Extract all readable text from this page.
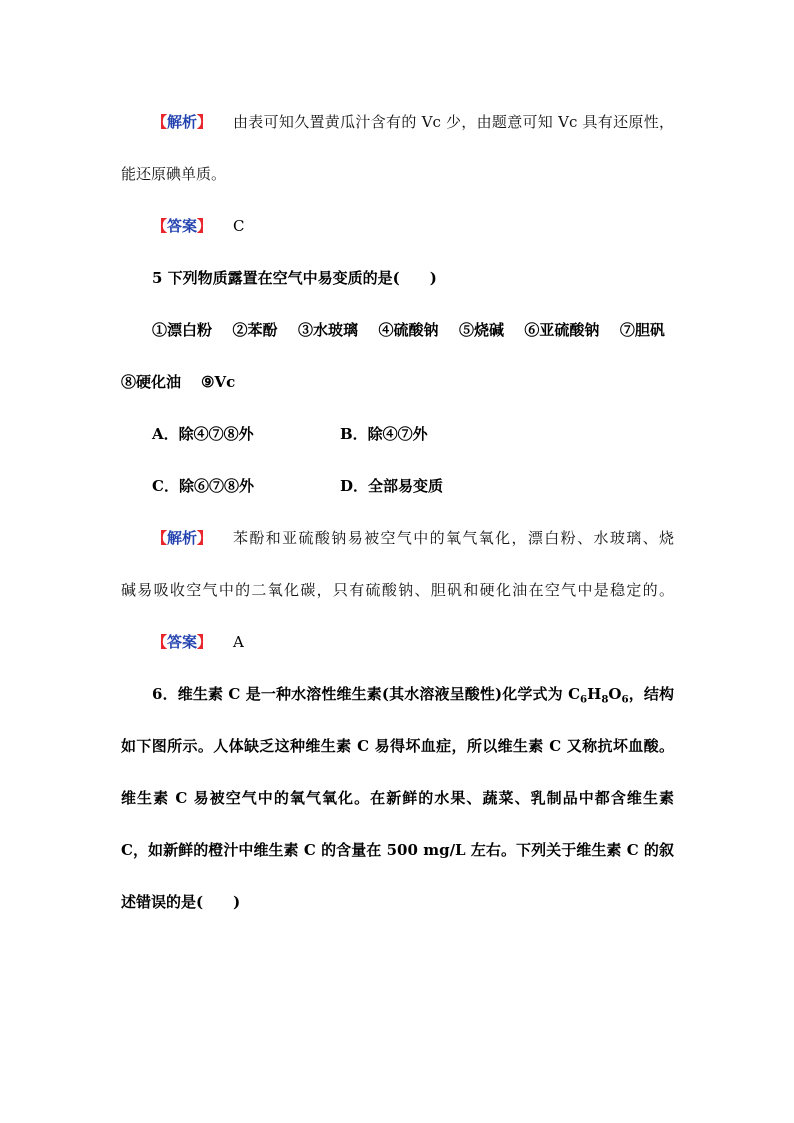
【解析】	由表可知久置黄瓜汁含有的 Vc 少，由题意可知 Vc 具有还原性，
能还原碘单质。
【答案】	C
5 下列物质露置在空气中易变质的是(　　)
①漂白粉 ②苯酚 ③水玻璃 ④硫酸钠 ⑤烧碱 ⑥亚硫酸钠 ⑦胆矾
⑧硬化油 ⑨Vc
A．除④⑦⑧外	B．除④⑦外
C．除⑥⑦⑧外	D．全部易变质
【解析】	苯酚和亚硫酸钠易被空气中的氧气氧化，漂白粉、水玻璃、烧
碱易吸收空气中的二氧化碳，只有硫酸钠、胆矾和硬化油在空气中是稳定的。
【答案】	A
6．维生素 C 是一种水溶性维生素(其水溶液呈酸性)化学式为 $C_6H_8O_6$，结构
如下图所示。人体缺乏这种维生素 C 易得坏血症，所以维生素 C 又称抗坏血酸。
维生素 C 易被空气中的氧气氧化。在新鲜的水果、蔬菜、乳制品中都含维生素
C，如新鲜的橙汁中维生素 C 的含量在 500 mg/L 左右。下列关于维生素 C 的叙
述错误的是(　　)
